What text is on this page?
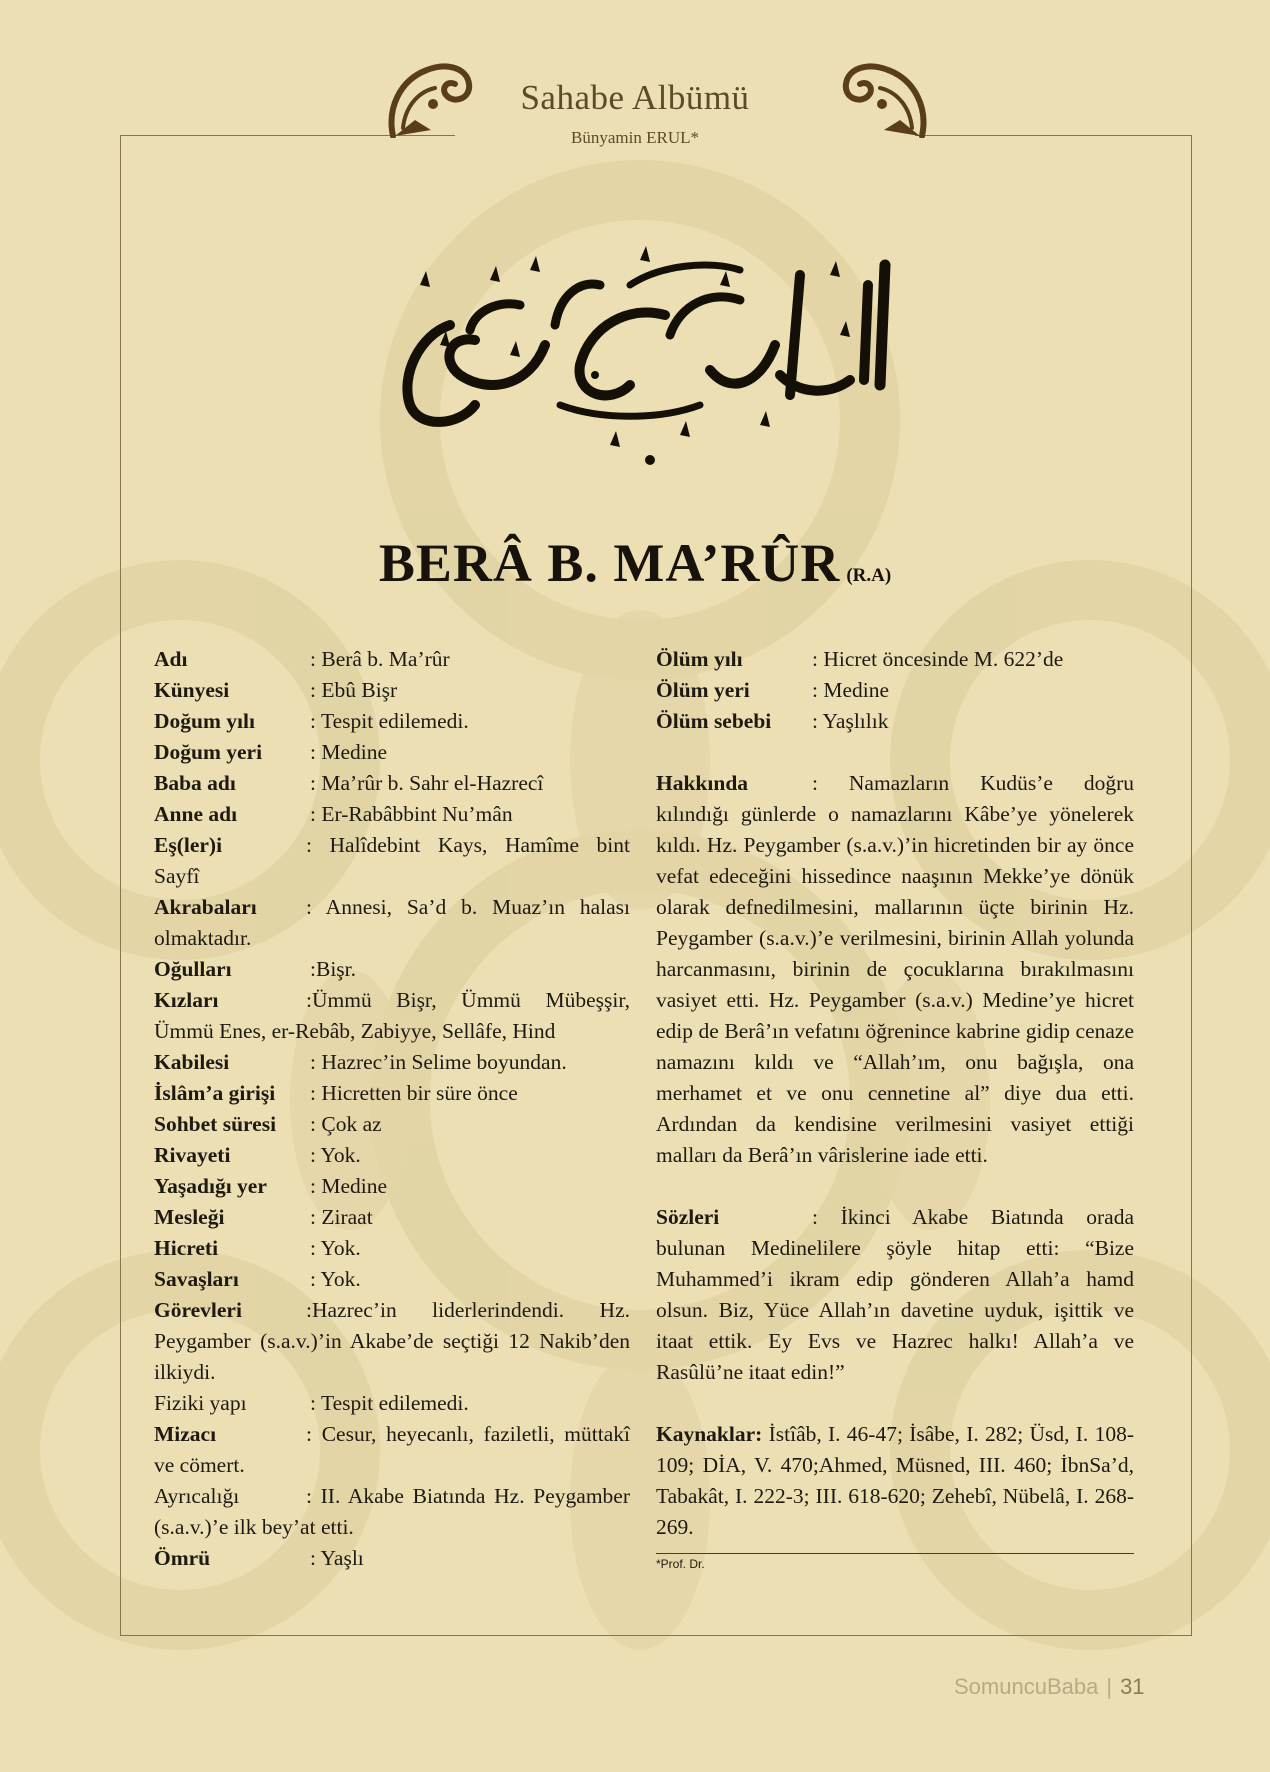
Sahabe Albümü
Bünyamin ERUL*
BERÂ B. MA’RÛR (R.A)
Adı	: Berâ b. Ma’rûr
Künyesi	: Ebû Bişr
Doğum yılı	: Tespit edilemedi.
Doğum yeri	: Medine
Baba adı	: Ma’rûr b. Sahr el-Hazrecî
Anne adı	: Er-Rabâbbint Nu’mân
Eş(ler)i	: Halîdebint Kays, Hamîme bint Sayfî
Akrabaları : Annesi, Sa’d b. Muaz’ın halası olmaktadır.
Oğulları	:Bişr.
Kızları	:Ümmü Bişr, Ümmü Mübeşşir, Ümmü Enes, er-Rebâb, Zabiyye, Sellâfe, Hind
Kabilesi	: Hazrec’in Selime boyundan.
İslâm’a girişi	: Hicretten bir süre önce
Sohbet süresi	: Çok az
Rivayeti	: Yok.
Yaşadığı yer	: Medine
Mesleği	: Ziraat
Hicreti	: Yok.
Savaşları	: Yok.
Görevleri	:Hazrec’in liderlerindendi. Hz. Peygamber (s.a.v.)’in Akabe’de seçtiği 12 Nakib’den ilkiydi.
Fiziki yapı	: Tespit edilemedi.
Mizacı	: Cesur, heyecanlı, faziletli, müttakî ve cömert.
Ayrıcalığı	: II. Akabe Biatında Hz. Peygamber (s.a.v.)’e ilk bey’at etti.
Ömrü	: Yaşlı
Ölüm yılı	: Hicret öncesinde M. 622’de
Ölüm yeri	: Medine
Ölüm sebebi	: Yaşlılık
Hakkında	: Namazların Kudüs’e doğru kılındığı günlerde o namazlarını Kâbe’ye yönelerek kıldı. Hz. Peygamber (s.a.v.)’in hicretinden bir ay önce vefat edeceğini hissedince naaşının Mekke’ye dönük olarak defnedilmesini, mallarının üçte birinin Hz. Peygamber (s.a.v.)’e verilmesini, birinin Allah yolunda harcanmasını, birinin de çocuklarına bırakılmasını vasiyet etti. Hz. Peygamber (s.a.v.) Medine’ye hicret edip de Berâ’ın vefatını öğrenince kabrine gidip cenaze namazını kıldı ve “Allah’ım, onu bağışla, ona merhamet et ve onu cennetine al” diye dua etti. Ardından da kendisine verilmesini vasiyet ettiği malları da Berâ’ın vârislerine iade etti.
Sözleri	: İkinci Akabe Biatında orada bulunan Medinelilere şöyle hitap etti: “Bize Muhammed’i ikram edip gönderen Allah’a hamd olsun. Biz, Yüce Allah’ın davetine uyduk, işittik ve itaat ettik. Ey Evs ve Hazrec halkı! Allah’a ve Rasûlü’ne itaat edin!”
Kaynaklar: İstîâb, I. 46-47; İsâbe, I. 282; Üsd, I. 108-109; DİA, V. 470;Ahmed, Müsned, III. 460; İbnSa’d, Tabakât, I. 222-3; III. 618-620; Zehebî, Nübelâ, I. 268-269.
*Prof. Dr.
SomuncuBaba | 31
